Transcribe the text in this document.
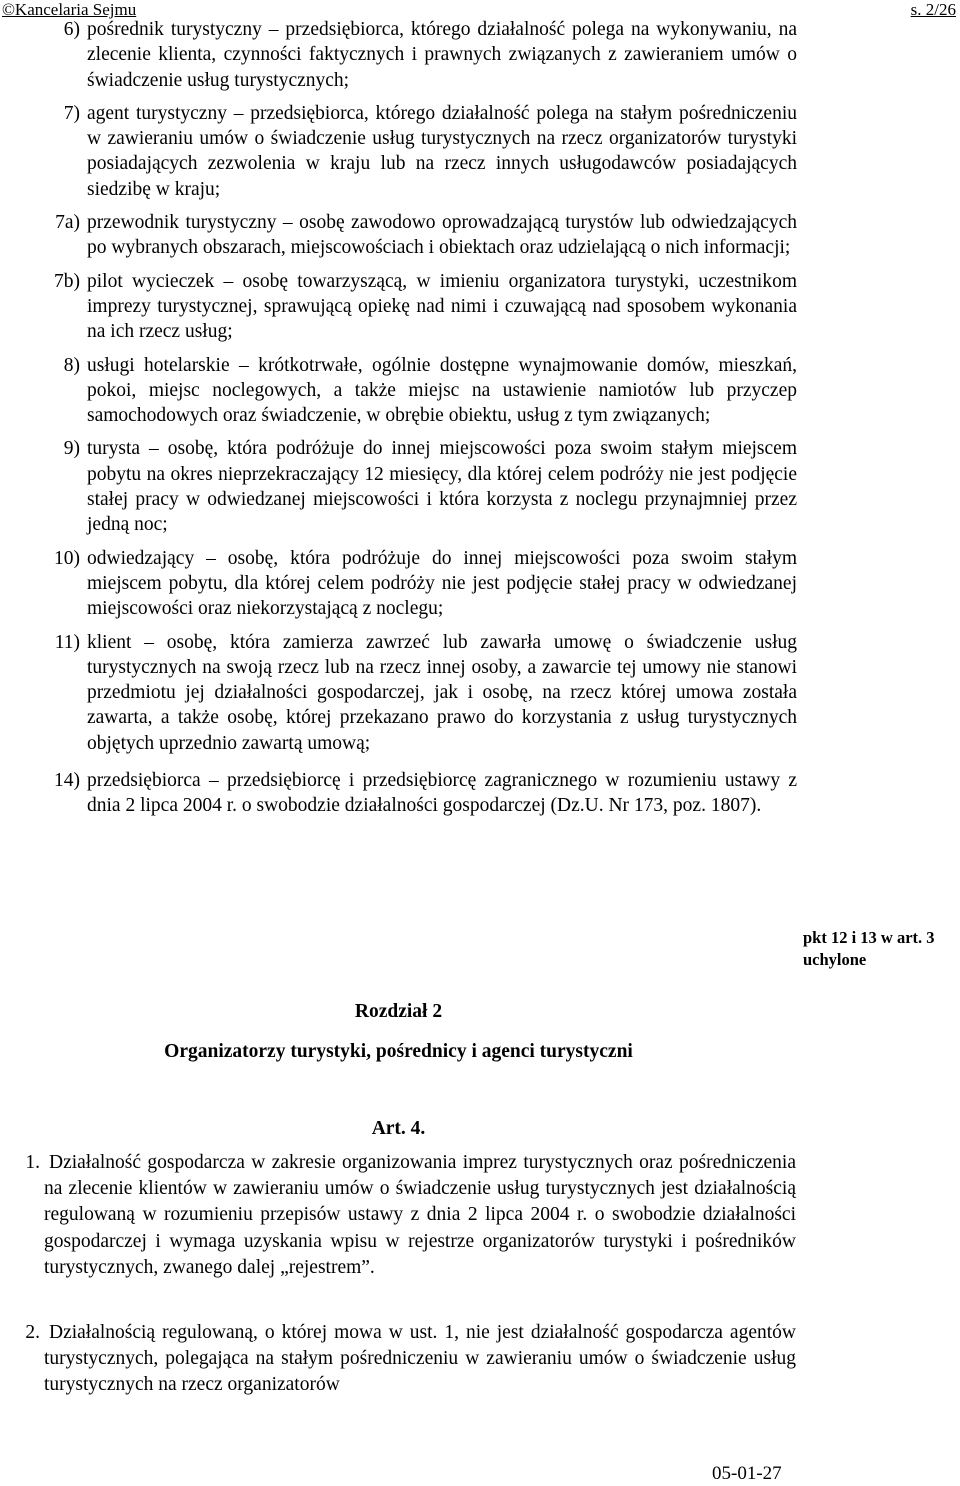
©Kancelaria Sejmu	s. 2/26
6) pośrednik turystyczny – przedsiębiorca, którego działalność polega na wykonywaniu, na zlecenie klienta, czynności faktycznych i prawnych związanych z zawieraniem umów o świadczenie usług turystycznych;
7) agent turystyczny – przedsiębiorca, którego działalność polega na stałym pośredniczeniu w zawieraniu umów o świadczenie usług turystycznych na rzecz organizatorów turystyki posiadających zezwolenia w kraju lub na rzecz innych usługodawców posiadających siedzibę w kraju;
7a) przewodnik turystyczny – osobę zawodowo oprowadzającą turystów lub odwiedzających po wybranych obszarach, miejscowościach i obiektach oraz udzielającą o nich informacji;
7b) pilot wycieczek – osobę towarzyszącą, w imieniu organizatora turystyki, uczestnikom imprezy turystycznej, sprawującą opiekę nad nimi i czuwającą nad sposobem wykonania na ich rzecz usług;
8) usługi hotelarskie – krótkotrwałe, ogólnie dostępne wynajmowanie domów, mieszkań, pokoi, miejsc noclegowych, a także miejsc na ustawienie namiotów lub przyczep samochodowych oraz świadczenie, w obrębie obiektu, usług z tym związanych;
9) turysta – osobę, która podróżuje do innej miejscowości poza swoim stałym miejscem pobytu na okres nieprzekraczający 12 miesięcy, dla której celem podróży nie jest podjęcie stałej pracy w odwiedzanej miejscowości i która korzysta z noclegu przynajmniej przez jedną noc;
10) odwiedzający – osobę, która podróżuje do innej miejscowości poza swoim stałym miejscem pobytu, dla której celem podróży nie jest podjęcie stałej pracy w odwiedzanej miejscowości oraz niekorzystającą z noclegu;
11) klient – osobę, która zamierza zawrzeć lub zawarła umowę o świadczenie usług turystycznych na swoją rzecz lub na rzecz innej osoby, a zawarcie tej umowy nie stanowi przedmiotu jej działalności gospodarczej, jak i osobę, na rzecz której umowa została zawarta, a także osobę, której przekazano prawo do korzystania z usług turystycznych objętych uprzednio zawartą umową;
14) przedsiębiorca – przedsiębiorcę i przedsiębiorcę zagranicznego w rozumieniu ustawy z dnia 2 lipca 2004 r. o swobodzie działalności gospodarczej (Dz.U. Nr 173, poz. 1807).
pkt 12 i 13 w art. 3 uchylone
Rozdział 2
Organizatorzy turystyki, pośrednicy i agenci turystyczni
Art. 4.
1. Działalność gospodarcza w zakresie organizowania imprez turystycznych oraz pośredniczenia na zlecenie klientów w zawieraniu umów o świadczenie usług turystycznych jest działalnością regulowaną w rozumieniu przepisów ustawy z dnia 2 lipca 2004 r. o swobodzie działalności gospodarczej i wymaga uzyskania wpisu w rejestrze organizatorów turystyki i pośredników turystycznych, zwanego dalej „rejestrem”.
2. Działalnością regulowaną, o której mowa w ust. 1, nie jest działalność gospodarcza agentów turystycznych, polegająca na stałym pośredniczeniu w zawieraniu umów o świadczenie usług turystycznych na rzecz organizatorów
05-01-27
